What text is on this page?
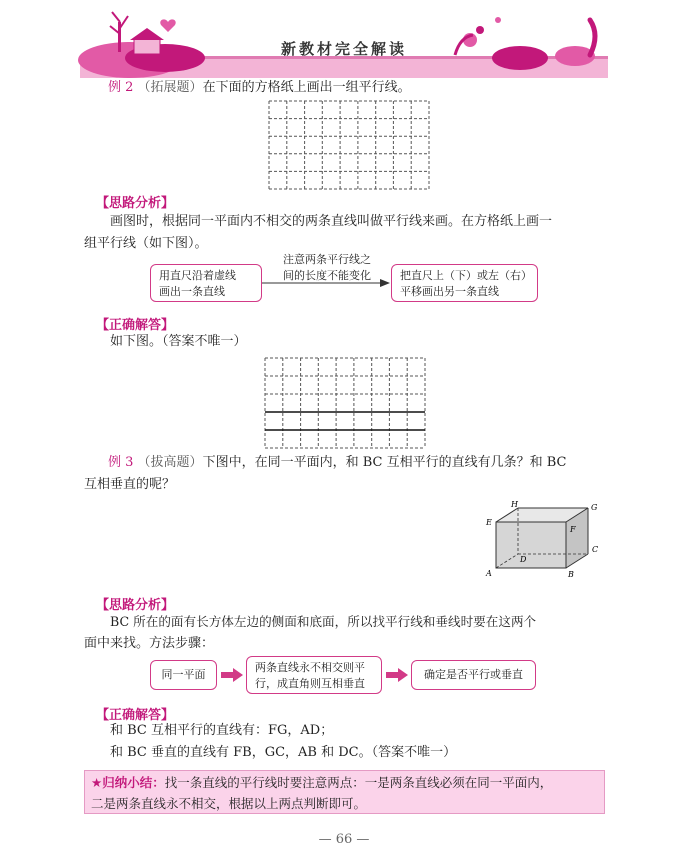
新教材完全解读
例 2 （拓展题）在下面的方格纸上画出一组平行线。
【思路分析】
画图时，根据同一平面内不相交的两条直线叫做平行线来画。在方格纸上画一
组平行线（如下图）。
用直尺沿着虚线
画出一条直线
注意两条平行线之
间的长度不能变化	把直尺上（下）或左（右）
平移画出另一条直线
【正确解答】
如下图。（答案不唯一）
例 3 （拔高题）下图中，在同一平面内，和 BC 互相平行的直线有几条？和 BC
互相垂直的呢？
A	B
C
D
E
F
G
H
【思路分析】
BC 所在的面有长方体左边的侧面和底面，所以找平行线和垂线时要在这两个
面中来找。方法步骤：
同一平面
两条直线永不相交则平
行，成直角则互相垂直
确定是否平行或垂直
【正确解答】
和 BC 互相平行的直线有：FG，AD；
和 BC 垂直的直线有 FB，GC，AB 和 DC。（答案不唯一）
★归纳小结：找一条直线的平行线时要注意两点：一是两条直线必须在同一平面内，
二是两条直线永不相交，根据以上两点判断即可。
— 66 —
